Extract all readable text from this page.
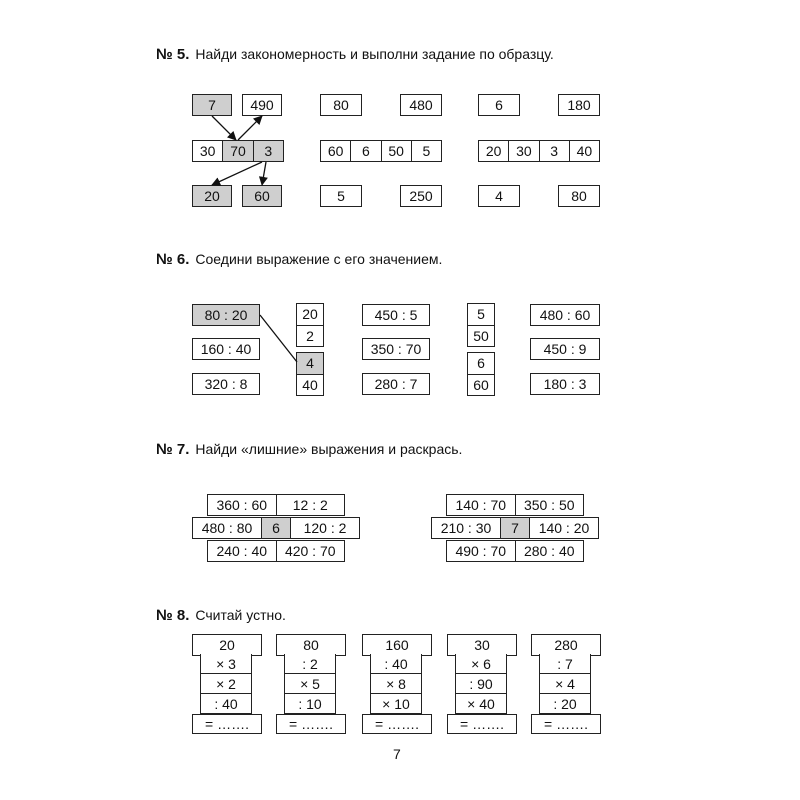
№ 5. Найди закономерность и выполни задание по образцу.
7	490
30	70	3
20	60
80	480
60	6	50	5
5	250
6	180
20	30	3	40
4	80
№ 6. Соедини выражение с его значением.
80 : 20
160 : 40
320 : 8
20
2
4
40
450 : 5
350 : 70
280 : 7
5
50
6
60
480 : 60
450 : 9
180 : 3
№ 7. Найди «лишние» выражения и раскрась.
360 : 60	12 : 2
480 : 80	6	120 : 2
240 : 40	420 : 70
140 : 70	350 : 50
210 : 30	7	140 : 20
490 : 70	280 : 40
№ 8. Считай устно.
20
× 3
× 2
: 40
= …….
80
: 2
× 5
: 10
= …….
160
: 40
× 8
× 10
= …….
30
× 6
: 90
× 40
= …….
280
: 7
× 4
: 20
= …….
7
